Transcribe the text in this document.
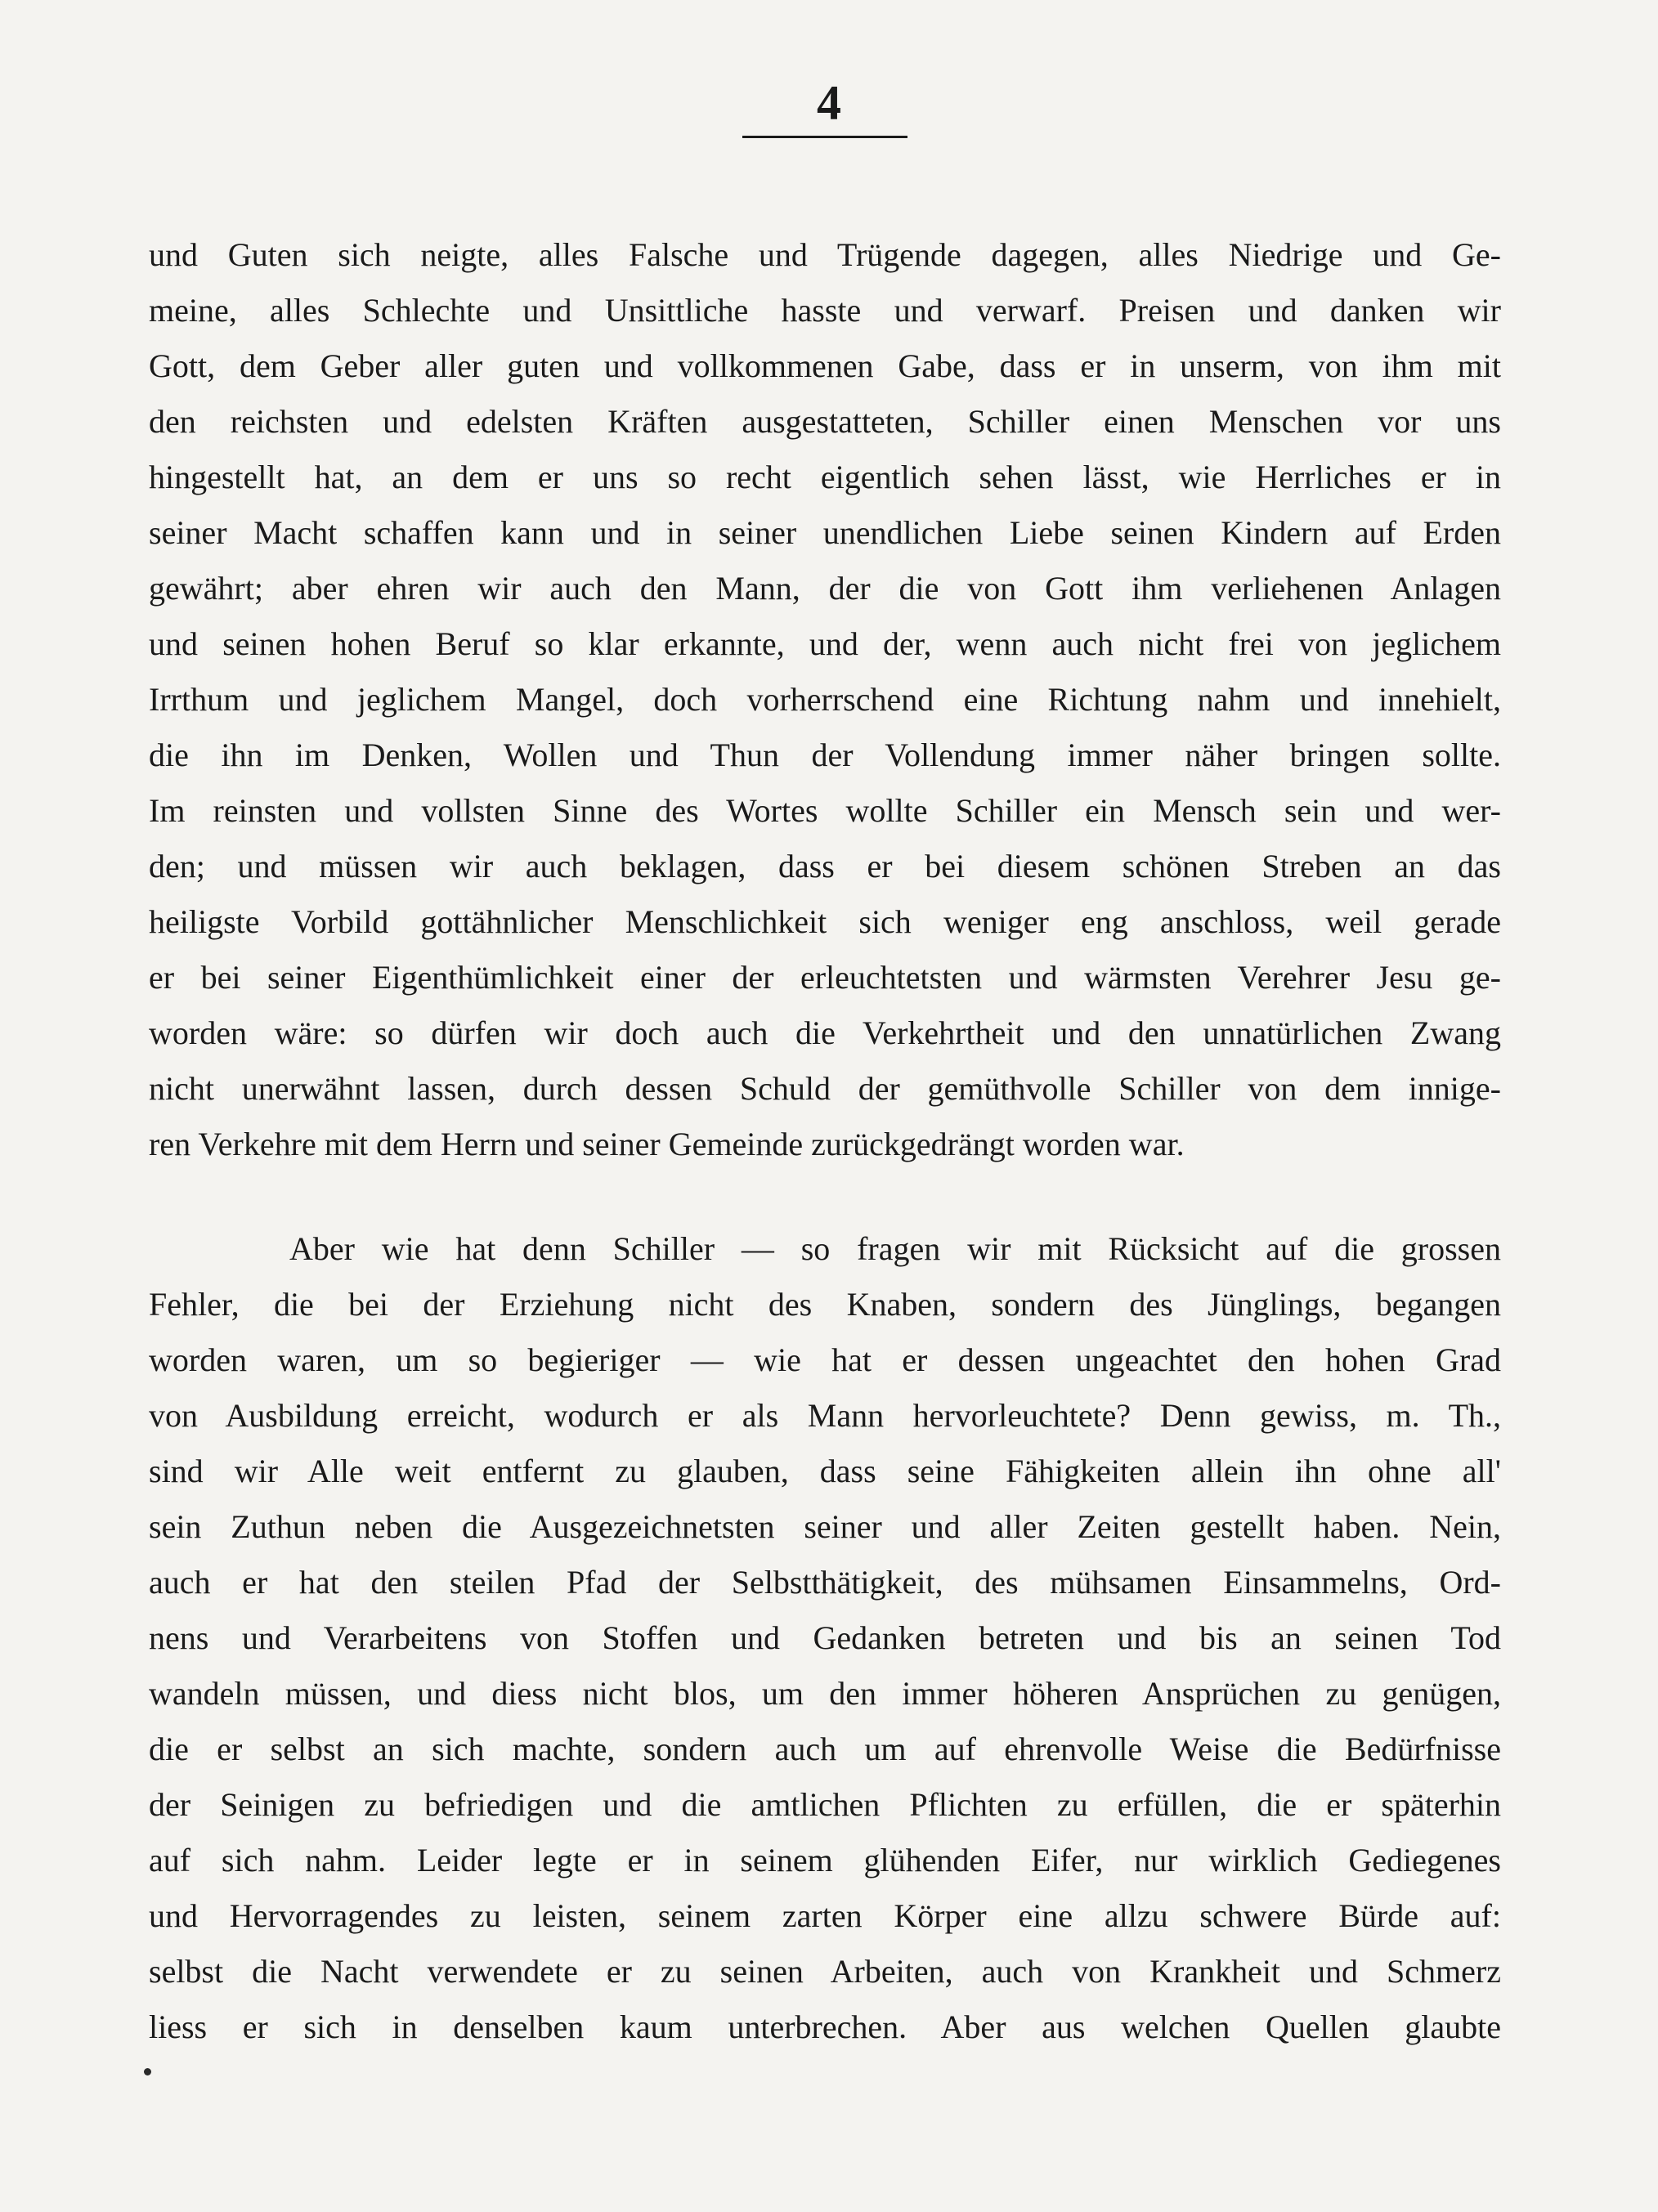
4
und Guten sich neigte, alles Falsche und Trügende dagegen, alles Niedrige und Ge-
meine, alles Schlechte und Unsittliche hasste und verwarf. Preisen und danken wir
Gott, dem Geber aller guten und vollkommenen Gabe, dass er in unserm, von ihm mit
den reichsten und edelsten Kräften ausgestatteten, Schiller einen Menschen vor uns
hingestellt hat, an dem er uns so recht eigentlich sehen lässt, wie Herrliches er in
seiner Macht schaffen kann und in seiner unendlichen Liebe seinen Kindern auf Erden
gewährt; aber ehren wir auch den Mann, der die von Gott ihm verliehenen Anlagen
und seinen hohen Beruf so klar erkannte, und der, wenn auch nicht frei von jeglichem
Irrthum und jeglichem Mangel, doch vorherrschend eine Richtung nahm und innehielt,
die ihn im Denken, Wollen und Thun der Vollendung immer näher bringen sollte.
Im reinsten und vollsten Sinne des Wortes wollte Schiller ein Mensch sein und wer-
den; und müssen wir auch beklagen, dass er bei diesem schönen Streben an das
heiligste Vorbild gottähnlicher Menschlichkeit sich weniger eng anschloss, weil gerade
er bei seiner Eigenthümlichkeit einer der erleuchtetsten und wärmsten Verehrer Jesu ge-
worden wäre: so dürfen wir doch auch die Verkehrtheit und den unnatürlichen Zwang
nicht unerwähnt lassen, durch dessen Schuld der gemüthvolle Schiller von dem innige-
ren Verkehre mit dem Herrn und seiner Gemeinde zurückgedrängt worden war.
Aber wie hat denn Schiller — so fragen wir mit Rücksicht auf die grossen
Fehler, die bei der Erziehung nicht des Knaben, sondern des Jünglings, begangen
worden waren, um so begieriger — wie hat er dessen ungeachtet den hohen Grad
von Ausbildung erreicht, wodurch er als Mann hervorleuchtete? Denn gewiss, m. Th.,
sind wir Alle weit entfernt zu glauben, dass seine Fähigkeiten allein ihn ohne all'
sein Zuthun neben die Ausgezeichnetsten seiner und aller Zeiten gestellt haben. Nein,
auch er hat den steilen Pfad der Selbstthätigkeit, des mühsamen Einsammelns, Ord-
nens und Verarbeitens von Stoffen und Gedanken betreten und bis an seinen Tod
wandeln müssen, und diess nicht blos, um den immer höheren Ansprüchen zu genügen,
die er selbst an sich machte, sondern auch um auf ehrenvolle Weise die Bedürfnisse
der Seinigen zu befriedigen und die amtlichen Pflichten zu erfüllen, die er späterhin
auf sich nahm. Leider legte er in seinem glühenden Eifer, nur wirklich Gediegenes
und Hervorragendes zu leisten, seinem zarten Körper eine allzu schwere Bürde auf:
selbst die Nacht verwendete er zu seinen Arbeiten, auch von Krankheit und Schmerz
liess er sich in denselben kaum unterbrechen. Aber aus welchen Quellen glaubte
